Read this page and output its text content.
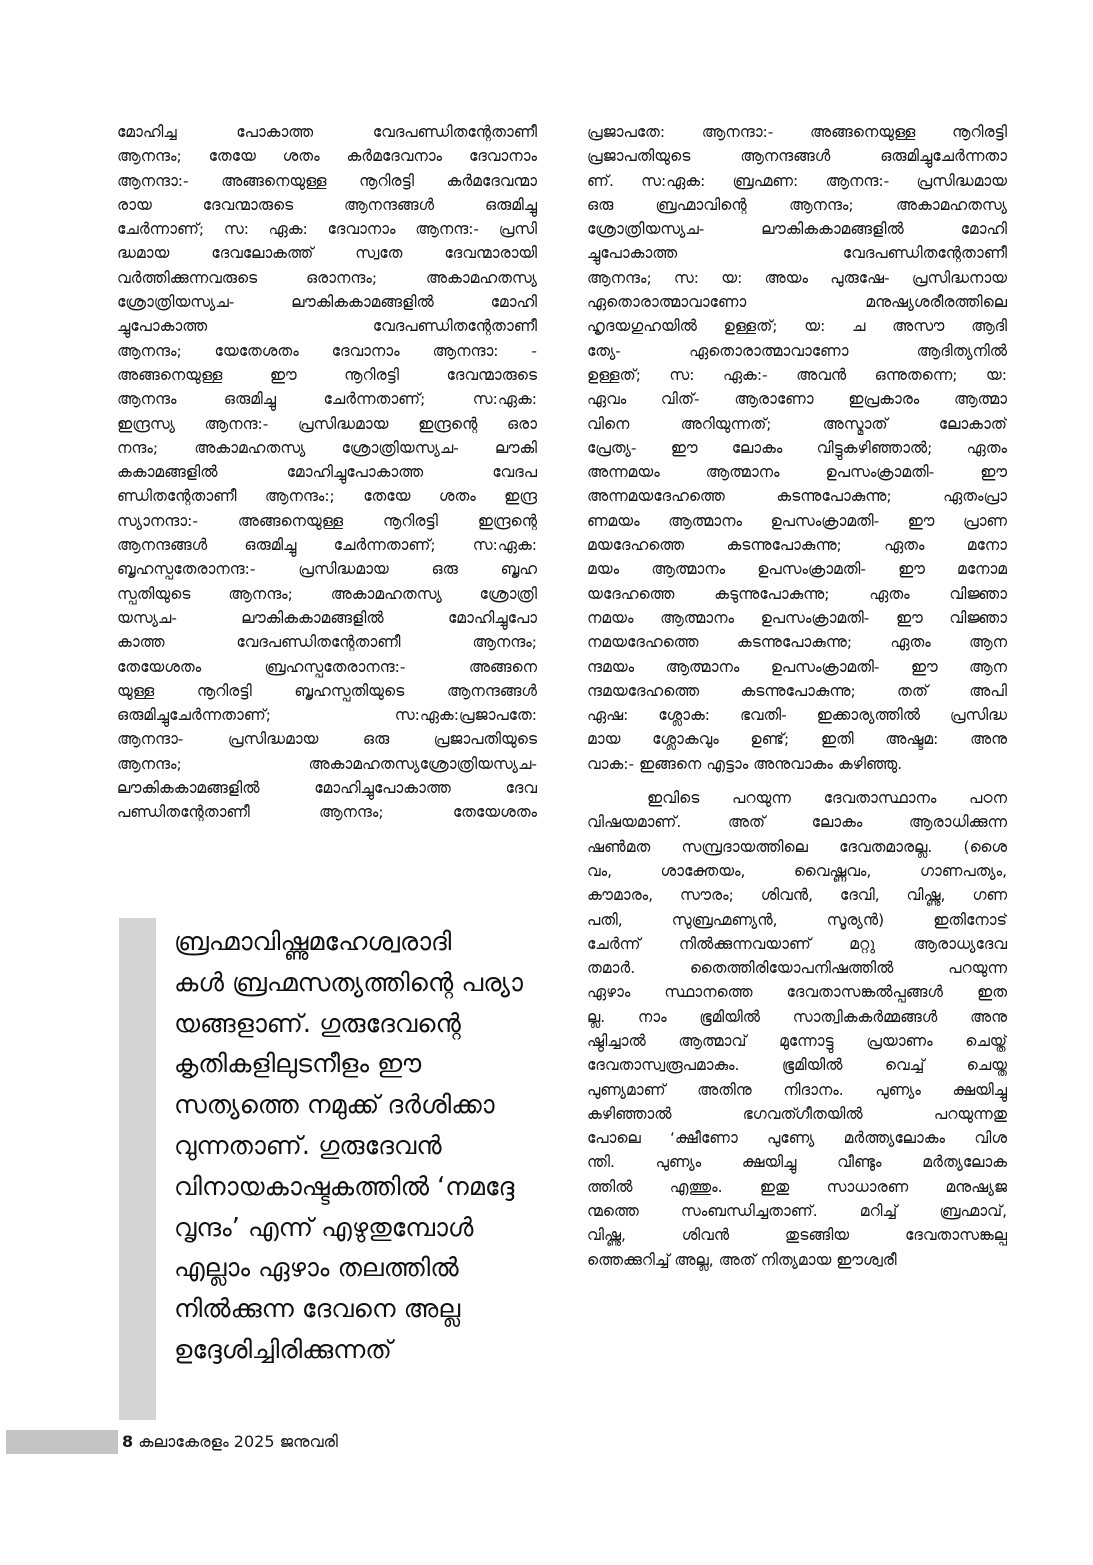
മോഹിച്ച പോകാത്ത വേദപണ്ഡിതന്റേതാണീ
ആനന്ദം; തേയേ ശതം കർമദേവനാം ദേവാനാം
ആനന്ദാ:- അങ്ങനെയുള്ള നൂറിരട്ടി കർമദേവന്മാ
രായ ദേവന്മാരുടെ ആനന്ദങ്ങൾ ഒരുമിച്ചു
ചേർന്നാണ്; സ: ഏക: ദേവാനാം ആനന്ദ:- പ്രസി
ദ്ധമായ ദേവലോകത്ത് സ്വതേ ദേവന്മാരായി
വർത്തിക്കുന്നവരുടെ ഒരാനന്ദം; അകാമഹതസ്യ
ശ്രോത്രിയസ്യച- ലൗകികകാമങ്ങളിൽ മോഹി
ച്ചുപോകാത്ത വേദപണ്ഡിതന്റേതാണീ
ആനന്ദം; യേതേശതം ദേവാനാം ആനന്ദാ: -
അങ്ങനെയുള്ള ഈ നൂറിരട്ടി ദേവന്മാരുടെ
ആനന്ദം ഒരുമിച്ചു ചേർന്നതാണ്; സ:ഏക:
ഇന്ദ്രസ്യ ആനന്ദ:- പ്രസിദ്ധമായ ഇന്ദ്രന്റെ ഒരാ
നന്ദം; അകാമഹതസ്യ ശ്രോത്രിയസ്യച- ലൗകി
കകാമങ്ങളിൽ മോഹിച്ചുപോകാത്ത വേദപ
ണ്ഡിതന്റേതാണീ ആനന്ദം:; തേയേ ശതം ഇന്ദ്ര
സ്യാനന്ദാ:- അങ്ങനെയുള്ള നൂറിരട്ടി ഇന്ദ്രന്റെ
ആനന്ദങ്ങൾ ഒരുമിച്ചു ചേർന്നതാണ്; സ:ഏക:
ബൃഹസ്പതേരാനന്ദ:- പ്രസിദ്ധമായ ഒരു ബൃഹ
സ്പതിയുടെ ആനന്ദം; അകാമഹതസ്യ ശ്രോത്രി
യസ്യച- ലൗകികകാമങ്ങളിൽ മോഹിച്ചുപോ
കാത്ത വേദപണ്ഡിതന്റേതാണീ ആനന്ദം;
തേയേശതം ബ്രഹസ്പതേരാനന്ദ:- അങ്ങനെ
യുള്ള നൂറിരട്ടി ബൃഹസ്പതിയുടെ ആനന്ദങ്ങൾ
ഒരുമിച്ചുചേർന്നതാണ്; സ:ഏക:പ്രജാപതേ:
ആനന്ദാ- പ്രസിദ്ധമായ ഒരു പ്രജാപതിയുടെ
ആനന്ദം; അകാമഹതസ്യശ്രോത്രിയസ്യച-
ലൗകികകാമങ്ങളിൽ മോഹിച്ചുപോകാത്ത ദേവ
പണ്ഡിതന്റേതാണീ ആനന്ദം; തേയേശതം
ബ്രഹ്മാവിഷ്ണുമഹേശ്വരാദി
കൾ ബ്രഹ്മസത്യത്തിന്റെ പര്യാ
യങ്ങളാണ്. ഗുരുദേവന്റെ
കൃതികളിലുടനീളം ഈ
സത്യത്തെ നമുക്ക് ദർശിക്കാ
വുന്നതാണ്. ഗുരുദേവൻ
വിനായകാഷ്ടകത്തിൽ ‘നമദ്ദേ
വൃന്ദം’ എന്ന് എഴുതുമ്പോൾ
എല്ലാം ഏഴാം തലത്തിൽ
നിൽക്കുന്ന ദേവനെ അല്ല
ഉദ്ദേശിച്ചിരിക്കുന്നത്
പ്രജാപതേ: ആനന്ദാ:- അങ്ങനെയുള്ള നൂറിരട്ടി
പ്രജാപതിയുടെ ആനന്ദങ്ങൾ ഒരുമിച്ചുചേർന്നതാ
ണ്. സ:ഏക: ബ്രഹ്മണ: ആനന്ദ:- പ്രസിദ്ധമായ
ഒരു ബ്രഹ്മാവിന്റെ ആനന്ദം; അകാമഹതസ്യ
ശ്രോത്രിയസ്യച- ലൗകികകാമങ്ങളിൽ മോഹി
ച്ചുപോകാത്ത വേദപണ്ഡിതന്റേതാണീ
ആനന്ദം; സ: യ: അയം പുരുഷേ- പ്രസിദ്ധനായ
ഏതൊരാത്മാവാണോ മനുഷ്യശരീരത്തിലെ
ഹൃദയഗുഹയിൽ ഉള്ളത്; യ: ച അസൗ ആദി
ത്യേ- ഏതൊരാത്മാവാണോ ആദിത്യനിൽ
ഉള്ളത്; സ: ഏക:- അവൻ ഒന്നുതന്നെ; യ:
ഏവം വിത്- ആരാണോ ഇപ്രകാരം ആത്മാ
വിനെ അറിയുന്നത്; അസ്മാത് ലോകാത്
പ്രേത്യ- ഈ ലോകം വിട്ടുകഴിഞ്ഞാൽ; ഏതം
അന്നമയം ആത്മാനം ഉപസംക്രാമതി- ഈ
അന്നമയദേഹത്തെ കടന്നുപോകുന്നു; ഏതംപ്രാ
ണമയം ആത്മാനം ഉപസംക്രാമതി- ഈ പ്രാണ
മയദേഹത്തെ കടന്നുപോകുന്നു; ഏതം മനോ
മയം ആത്മാനം ഉപസംക്രാമതി- ഈ മനോമ
യദേഹത്തെ കടുന്നുപോകുന്നു; ഏതം വിജ്ഞാ
നമയം ആത്മാനം ഉപസംക്രാമതി- ഈ വിജ്ഞാ
നമയദേഹത്തെ കടന്നുപോകുന്നു; ഏതം ആന
ന്ദമയം ആത്മാനം ഉപസംക്രാമതി- ഈ ആന
ന്ദമയദേഹത്തെ കടന്നുപോകുന്നു; തത് അപി
ഏഷ: ശ്ലോക: ഭവതി- ഇക്കാര്യത്തിൽ പ്രസിദ്ധ
മായ ശ്ലോകവും ഉണ്ട്; ഇതി അഷ്ടമ: അനു
വാക:- ഇങ്ങനെ എട്ടാം അനുവാകം കഴിഞ്ഞു.
ഇവിടെ പറയുന്ന ദേവതാസ്ഥാനം പഠന
വിഷയമാണ്. അത് ലോകം ആരാധിക്കുന്ന
ഷൺമത സമ്പ്രദായത്തിലെ ദേവതമാരല്ല. (ശൈ
വം, ശാക്തേയം, വൈഷ്ണവം, ഗാണപത്യം,
കൗമാരം, സൗരം; ശിവൻ, ദേവി, വിഷ്ണു, ഗണ
പതി, സുബ്രഹ്മണ്യൻ, സൂര്യൻ) ഇതിനോട്
ചേർന്ന് നിൽക്കുന്നവയാണ് മറ്റു ആരാധ്യദേവ
തമാർ. തൈത്തിരിയോപനിഷത്തിൽ പറയുന്ന
ഏഴാം സ്ഥാനത്തെ ദേവതാസങ്കൽപ്പങ്ങൾ ഇത
ല്ല. നാം ഭൂമിയിൽ സാത്വികകർമ്മങ്ങൾ അനു
ഷ്ഠിച്ചാൽ ആത്മാവ് മുന്നോട്ടു പ്രയാണം ചെയ്ത്
ദേവതാസ്വരൂപമാകും. ഭൂമിയിൽ വെച്ച് ചെയ്ത
പുണ്യമാണ് അതിനു നിദാനം. പുണ്യം ക്ഷയിച്ചു
കഴിഞ്ഞാൽ ഭഗവത്ഗീതയിൽ പറയുന്നതു
പോലെ ‘ക്ഷീണോ പുണ്യേ മർത്ത്യലോകം വിശ
ന്തി. പുണ്യം ക്ഷയിച്ചു വീണ്ടും മർത്യലോക
ത്തിൽ എത്തും. ഇതു സാധാരണ മനുഷ്യജ
ന്മത്തെ സംബന്ധിച്ചതാണ്. മറിച്ച് ബ്രഹ്മാവ്,
വിഷ്ണു, ശിവൻ തുടങ്ങിയ ദേവതാസങ്കല്പ
ത്തെക്കുറിച്ച് അല്ല, അത് നിത്യമായ ഈശ്വരീ
8 കലാകേരളം 2025 ജനുവരി
